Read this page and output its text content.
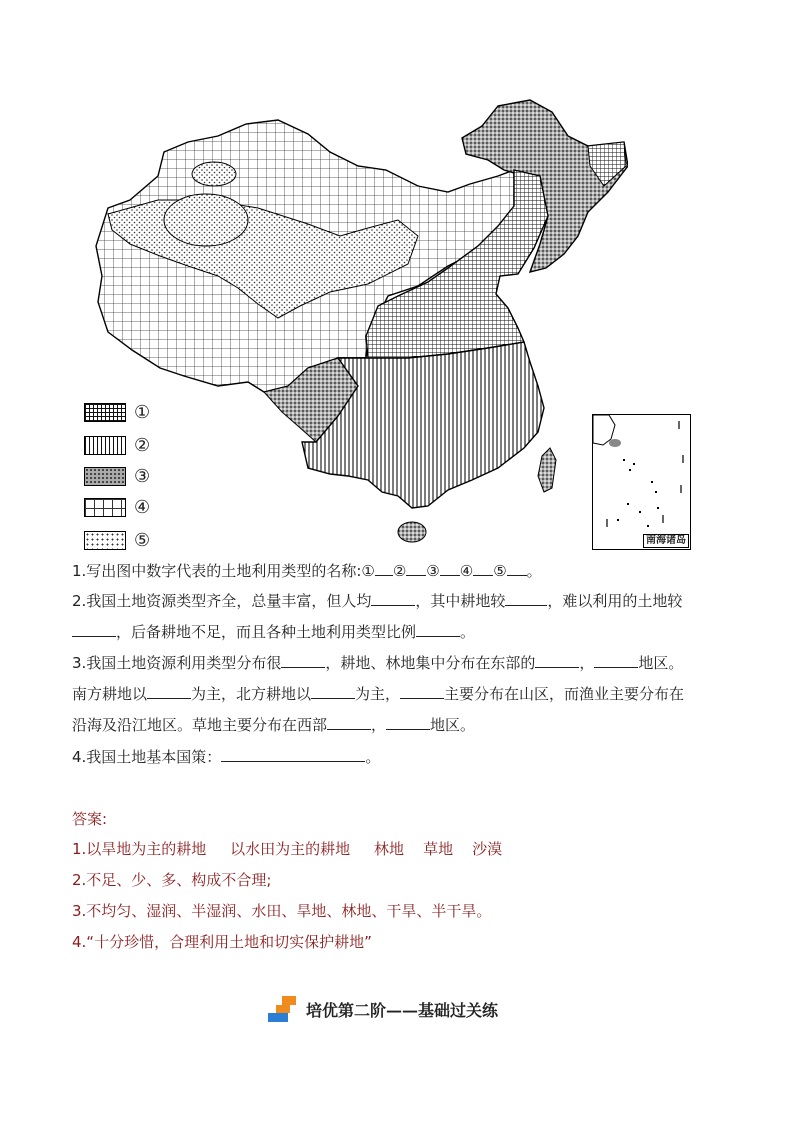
①
②
③
④
⑤	南海诸岛
1.写出图中数字代表的土地利用类型的名称:① ② ③ ④ ⑤ 。
2.我国土地资源类型齐全，总量丰富，但人均	，其中耕地较	，难以利用的土地较
，后备耕地不足，而且各种土地利用类型比例	。
3.我国土地资源利用类型分布很	，耕地、林地集中分布在东部的	，	地区。
南方耕地以	为主，北方耕地以	为主，	主要分布在山区，而渔业主要分布在
沿海及沿江地区。草地主要分布在西部	，	地区。
4.我国土地基本国策：	。
答案:
1.以旱地为主的耕地     以水田为主的耕地     林地    草地    沙漠
2.不足、少、多、构成不合理;
3.不均匀、湿润、半湿润、水田、旱地、林地、干旱、半干旱。
4.“十分珍惜，合理利用土地和切实保护耕地”
培优第二阶——基础过关练
